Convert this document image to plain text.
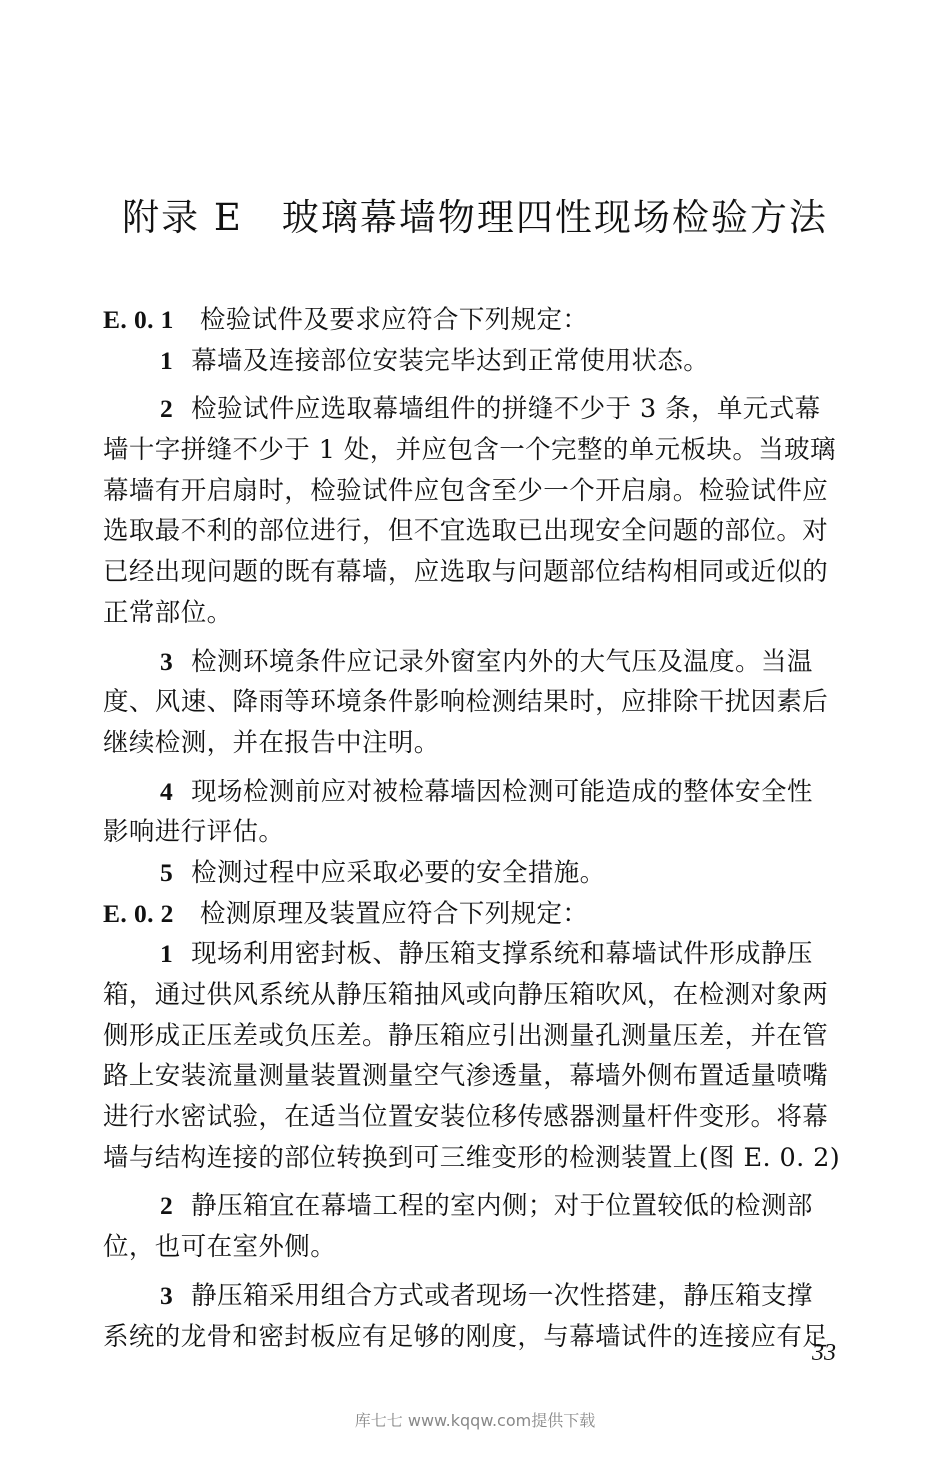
附录 E　玻璃幕墙物理四性现场检验方法
E. 0. 1 检验试件及要求应符合下列规定：
1 幕墙及连接部位安装完毕达到正常使用状态。
2 检验试件应选取幕墙组件的拼缝不少于 3 条，单元式幕
墙十字拼缝不少于 1 处，并应包含一个完整的单元板块。当玻璃
幕墙有开启扇时，检验试件应包含至少一个开启扇。检验试件应
选取最不利的部位进行，但不宜选取已出现安全问题的部位。对
已经出现问题的既有幕墙，应选取与问题部位结构相同或近似的
正常部位。
3 检测环境条件应记录外窗室内外的大气压及温度。当温
度、风速、降雨等环境条件影响检测结果时，应排除干扰因素后
继续检测，并在报告中注明。
4 现场检测前应对被检幕墙因检测可能造成的整体安全性
影响进行评估。
5 检测过程中应采取必要的安全措施。
E. 0. 2 检测原理及装置应符合下列规定：
1 现场利用密封板、静压箱支撑系统和幕墙试件形成静压
箱，通过供风系统从静压箱抽风或向静压箱吹风，在检测对象两
侧形成正压差或负压差。静压箱应引出测量孔测量压差，并在管
路上安装流量测量装置测量空气渗透量，幕墙外侧布置适量喷嘴
进行水密试验，在适当位置安装位移传感器测量杆件变形。将幕
墙与结构连接的部位转换到可三维变形的检测装置上(图 E. 0. 2)
2 静压箱宜在幕墙工程的室内侧；对于位置较低的检测部
位，也可在室外侧。
3 静压箱采用组合方式或者现场一次性搭建，静压箱支撑
系统的龙骨和密封板应有足够的刚度，与幕墙试件的连接应有足
33
库七七 www.kqqw.com提供下载
